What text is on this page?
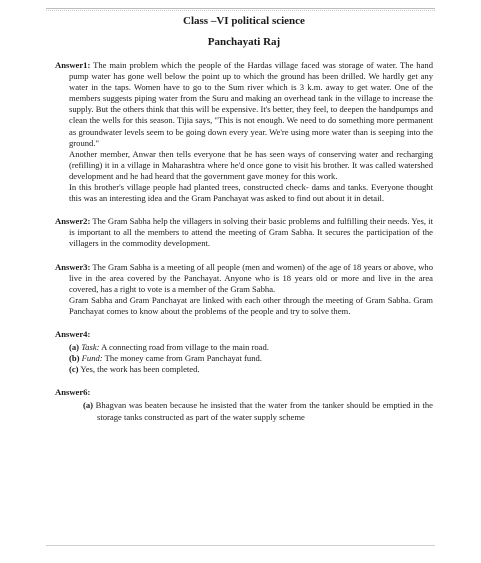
Class –VI political science
Panchayati Raj

Answer1: The main problem which the people of the Hardas village faced was storage of water. The hand pump water has gone well below the point up to which the ground has been drilled. We hardly get any water in the taps. Women have to go to the Sum river which is 3 k.m. away to get water. One of the members suggests piping water from the Suru and making an overhead tank in the village to increase the supply. But the others think that this will be expensive. It's better, they feel, to deepen the handpumps and clean the wells for this season. Tijia says, "This is not enough. We need to do something more permanent as groundwater levels seem to be going down every year. We're using more water than is seeping into the ground."

Another member, Anwar then tells everyone that he has seen ways of conserving water and recharging (refilling) it in a village in Maharashtra where he'd once gone to visit his brother. It was called watershed development and he had heard that the government gave money for this work.

In this brother's village people had planted trees, constructed check- dams and tanks. Everyone thought this was an interesting idea and the Gram Panchayat was asked to find out about it in detail.

Answer2: The Gram Sabha help the villagers in solving their basic problems and fulfilling their needs. Yes, it is important to all the members to attend the meeting of Gram Sabha. It secures the participation of the villagers in the commodity development.

Answer3: The Gram Sabha is a meeting of all people (men and women) of the age of 18 years or above, who live in the area covered by the Panchayat. Anyone who is 18 years old or more and live in the area covered, has a right to vote is a member of the Gram Sabha.

Gram Sabha and Gram Panchayat are linked with each other through the meeting of Gram Sabha. Gram Panchayat comes to know about the problems of the people and try to solve them.

Answer4:

(a) Task: A connecting road from village to the main road.
(b) Fund: The money came from Gram Panchayat fund.
(c) Yes, the work has been completed.

Answer6:

(a) Bhagvan was beaten because he insisted that the water from the tanker should be emptied in the storage tanks constructed as part of the water supply scheme
